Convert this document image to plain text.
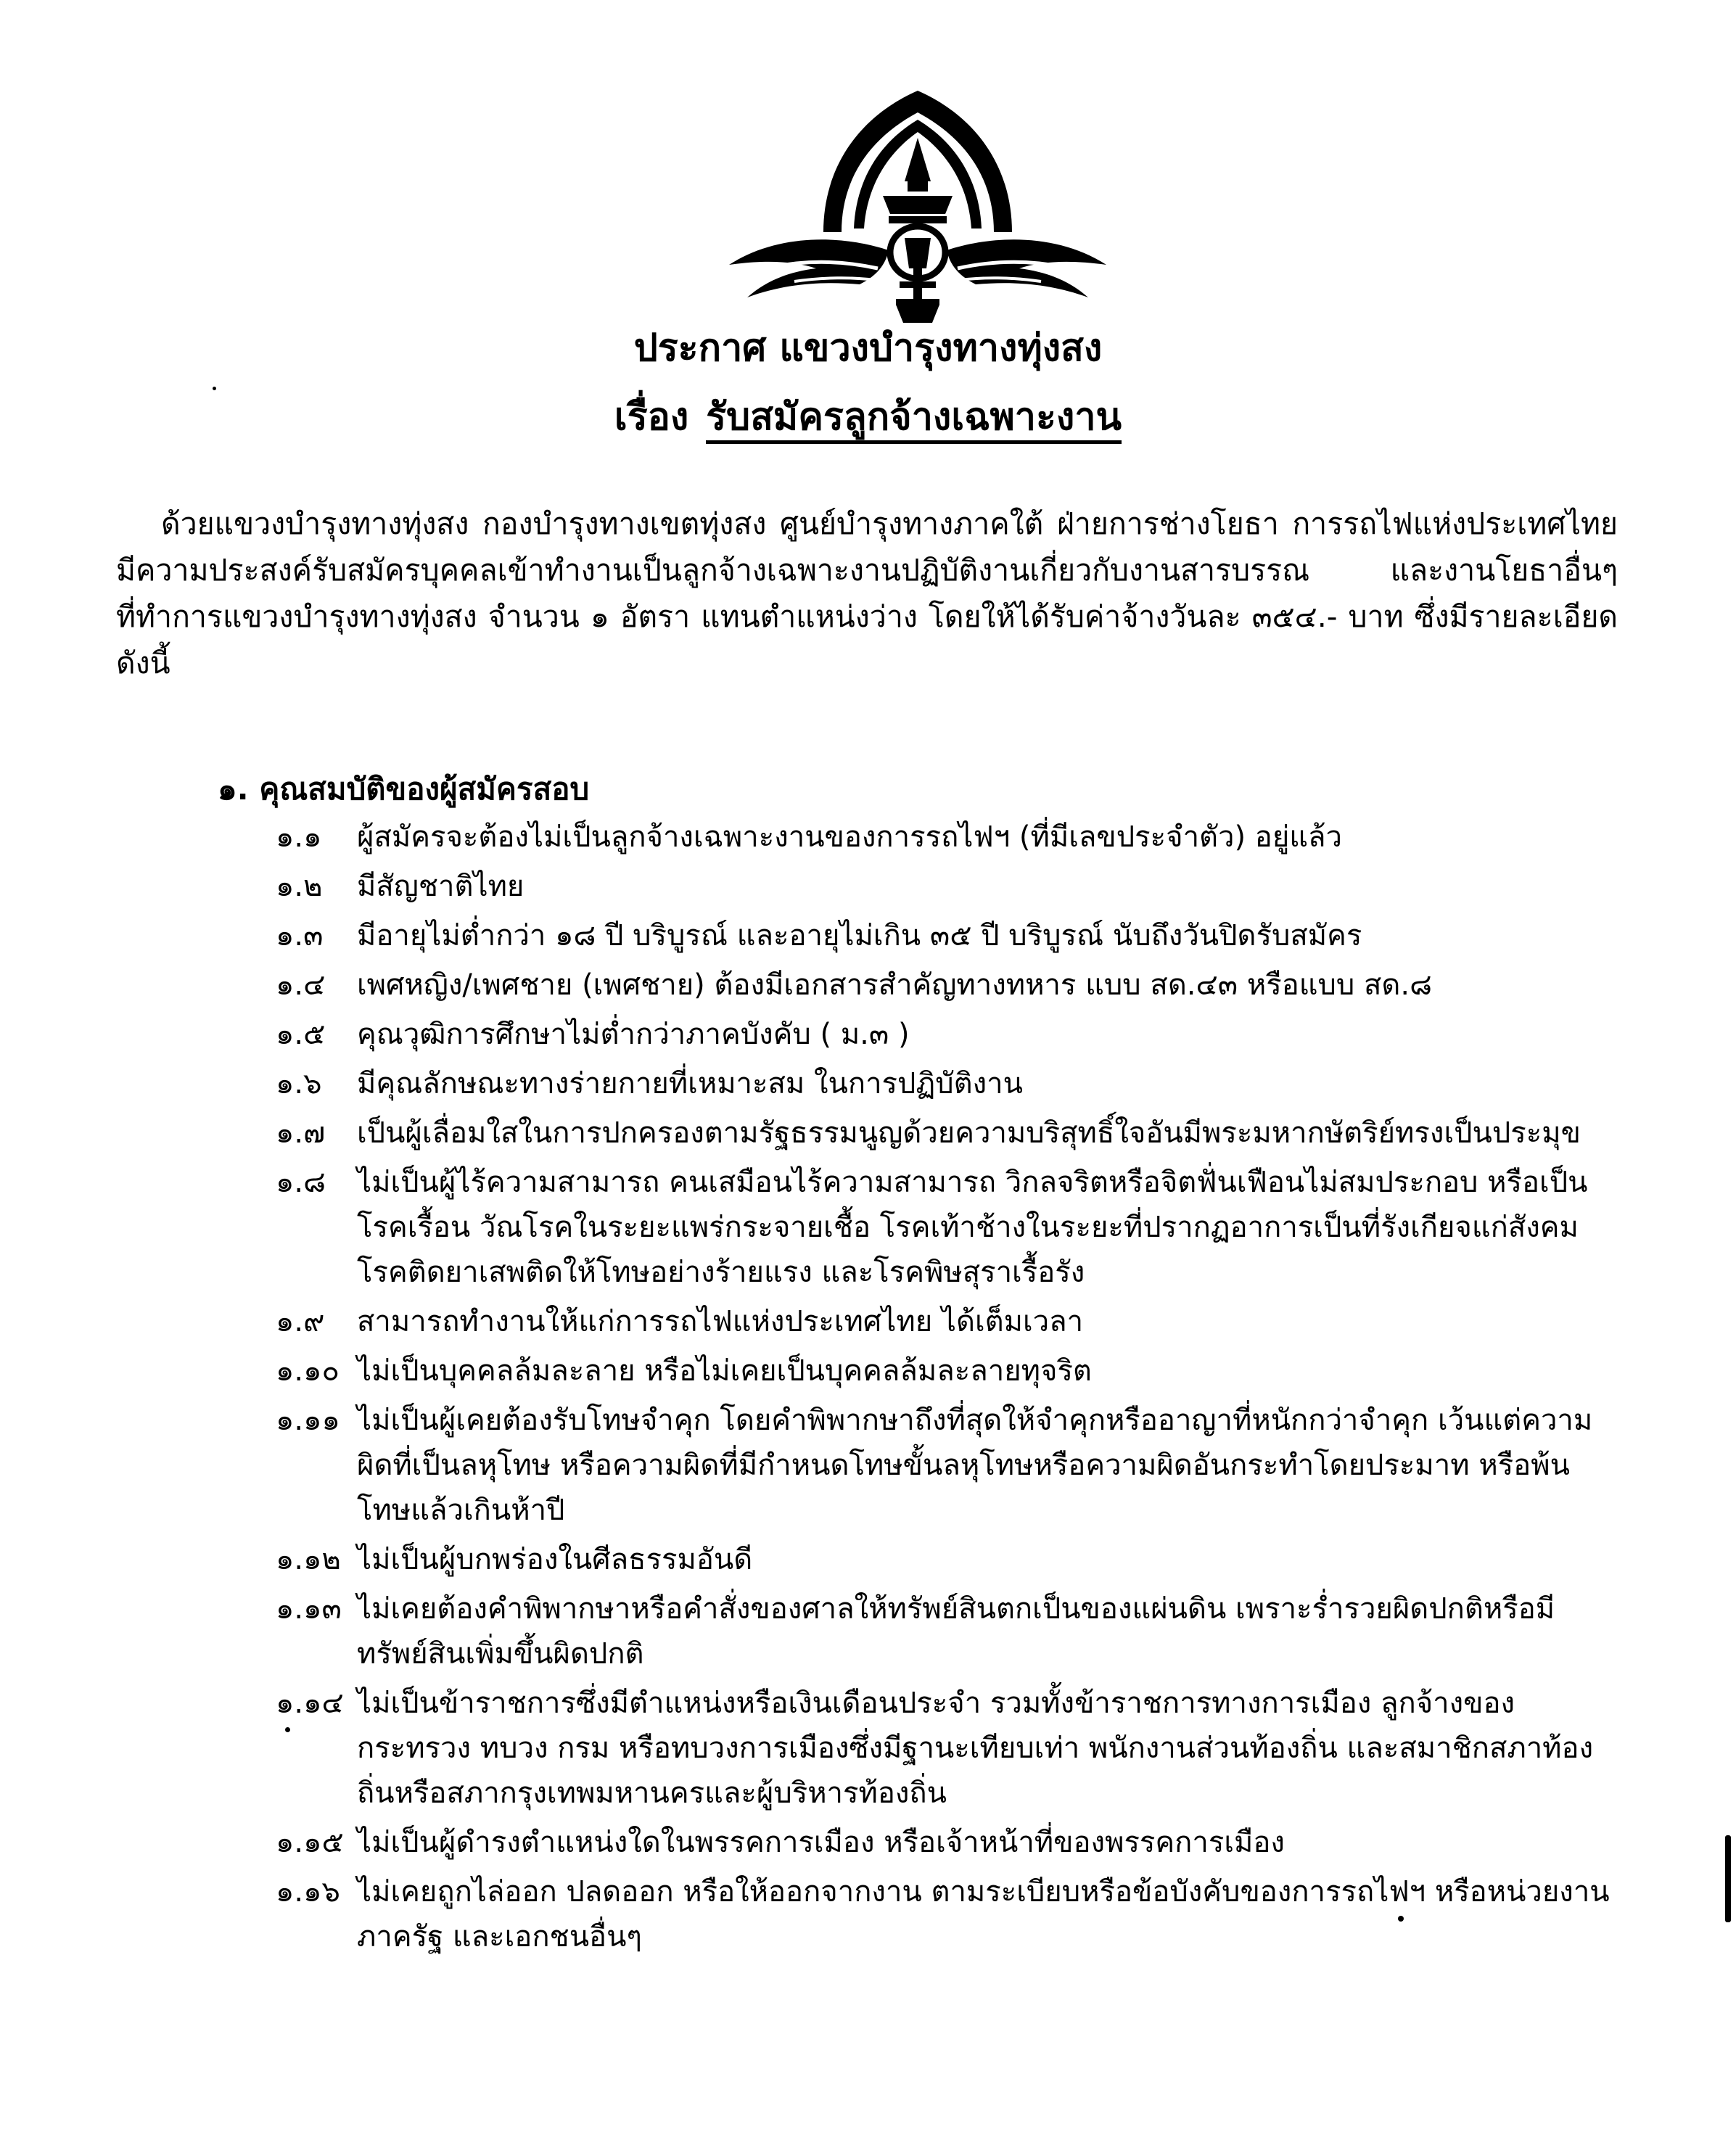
ประกาศ แขวงบำรุงทางทุ่งสง
เรื่อง รับสมัครลูกจ้างเฉพาะงาน

ด้วยแขวงบำรุงทางทุ่งสง กองบำรุงทางเขตทุ่งสง ศูนย์บำรุงทางภาคใต้ ฝ่ายการช่างโยธา การรถไฟแห่งประเทศไทย มีความประสงค์รับสมัครบุคคลเข้าทำงานเป็นลูกจ้างเฉพาะงานปฏิบัติงานเกี่ยวกับงานสารบรรณ และงานโยธาอื่นๆ ที่ทำการแขวงบำรุงทางทุ่งสง จำนวน ๑ อัตรา แทนตำแหน่งว่าง โดยให้ได้รับค่าจ้างวันละ ๓๕๔.- บาท ซึ่งมีรายละเอียด ดังนี้

๑. คุณสมบัติของผู้สมัครสอบ
๑.๑	ผู้สมัครจะต้องไม่เป็นลูกจ้างเฉพาะงานของการรถไฟฯ (ที่มีเลขประจำตัว) อยู่แล้ว
๑.๒	มีสัญชาติไทย
๑.๓	มีอายุไม่ต่ำกว่า ๑๘ ปี บริบูรณ์ และอายุไม่เกิน ๓๕ ปี บริบูรณ์ นับถึงวันปิดรับสมัคร
๑.๔	เพศหญิง/เพศชาย (เพศชาย) ต้องมีเอกสารสำคัญทางทหาร แบบ สด.๔๓ หรือแบบ สด.๘
๑.๕	คุณวุฒิการศึกษาไม่ต่ำกว่าภาคบังคับ ( ม.๓ )
๑.๖	มีคุณลักษณะทางร่ายกายที่เหมาะสม ในการปฏิบัติงาน
๑.๗	เป็นผู้เลื่อมใสในการปกครองตามรัฐธรรมนูญด้วยความบริสุทธิ์ใจอันมีพระมหากษัตริย์ทรงเป็นประมุข
๑.๘	ไม่เป็นผู้ไร้ความสามารถ คนเสมือนไร้ความสามารถ วิกลจริตหรือจิตฟั่นเฟือนไม่สมประกอบ หรือเป็นโรคเรื้อน วัณโรคในระยะแพร่กระจายเชื้อ โรคเท้าช้างในระยะที่ปรากฏอาการเป็นที่รังเกียจแก่สังคม โรคติดยาเสพติดให้โทษอย่างร้ายแรง และโรคพิษสุราเรื้อรัง
๑.๙	สามารถทำงานให้แก่การรถไฟแห่งประเทศไทย ได้เต็มเวลา
๑.๑๐ ไม่เป็นบุคคลล้มละลาย หรือไม่เคยเป็นบุคคลล้มละลายทุจริต
๑.๑๑ ไม่เป็นผู้เคยต้องรับโทษจำคุก โดยคำพิพากษาถึงที่สุดให้จำคุกหรืออาญาที่หนักกว่าจำคุก เว้นแต่ความผิดที่เป็นลหุโทษ หรือความผิดที่มีกำหนดโทษขั้นลหุโทษหรือความผิดอันกระทำโดยประมาท หรือพ้นโทษแล้วเกินห้าปี
๑.๑๒ ไม่เป็นผู้บกพร่องในศีลธรรมอันดี
๑.๑๓ ไม่เคยต้องคำพิพากษาหรือคำสั่งของศาลให้ทรัพย์สินตกเป็นของแผ่นดิน เพราะร่ำรวยผิดปกติหรือมีทรัพย์สินเพิ่มขึ้นผิดปกติ
๑.๑๔ ไม่เป็นข้าราชการซึ่งมีตำแหน่งหรือเงินเดือนประจำ รวมทั้งข้าราชการทางการเมือง ลูกจ้างของกระทรวง ทบวง กรม หรือทบวงการเมืองซึ่งมีฐานะเทียบเท่า พนักงานส่วนท้องถิ่น และสมาชิกสภาท้องถิ่นหรือสภากรุงเทพมหานครและผู้บริหารท้องถิ่น
๑.๑๕ ไม่เป็นผู้ดำรงตำแหน่งใดในพรรคการเมือง หรือเจ้าหน้าที่ของพรรคการเมือง
๑.๑๖ ไม่เคยถูกไล่ออก ปลดออก หรือให้ออกจากงาน ตามระเบียบหรือข้อบังคับของการรถไฟฯ หรือหน่วยงานภาครัฐ และเอกชนอื่นๆ
